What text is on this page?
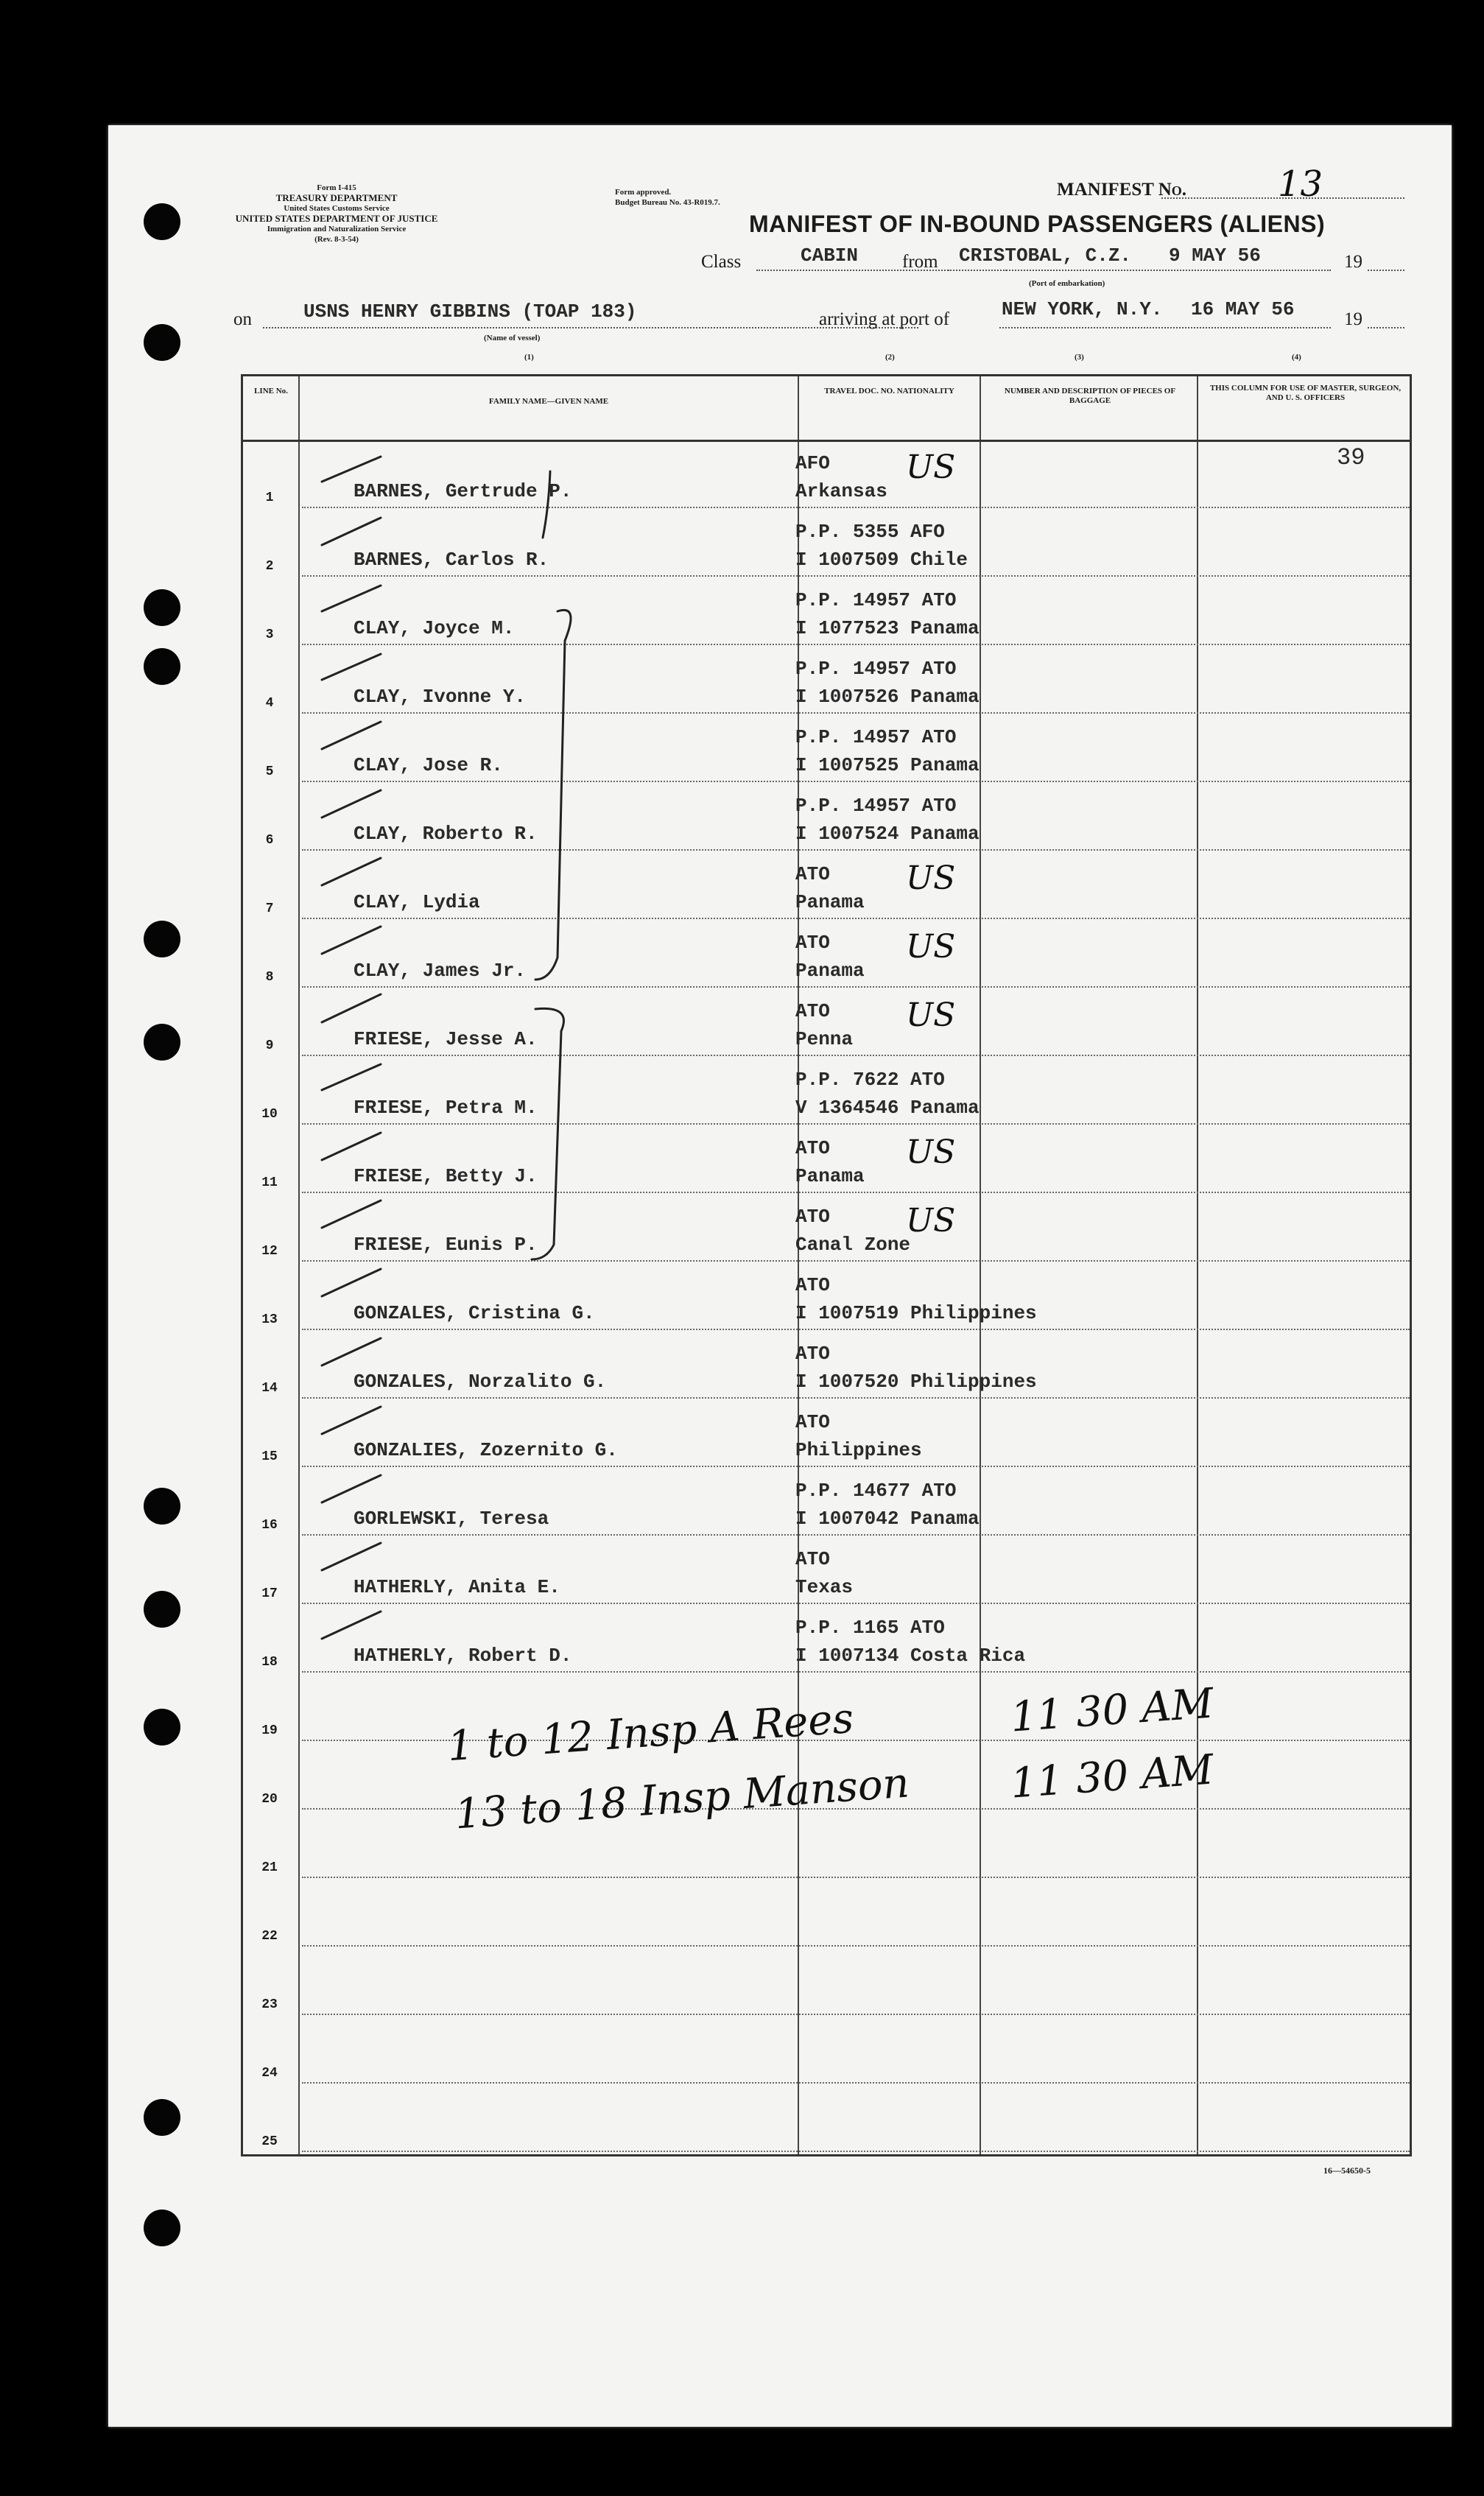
Form I-415
TREASURY DEPARTMENT
United States Customs Service
UNITED STATES DEPARTMENT OF JUSTICE
Immigration and Naturalization Service
(Rev. 8-3-54)
Form approved.
Budget Bureau No. 43-R019.7.
MANIFEST No.	13
MANIFEST OF IN-BOUND PASSENGERS (ALIENS)
Class	CABIN from CRISTOBAL, C.Z. 9 MAY 56	19
(Port of embarkation)
on	USNS HENRY GIBBINS (TOAP 183)
(Name of vessel)
arriving at port of	NEW YORK, N.Y. 16 MAY 56	19
(1)	(2)	(3)	(4)
LINE No.
FAMILY NAME—GIVEN NAME
TRAVEL DOC. NO. NATIONALITY	NUMBER AND DESCRIPTION OF PIECES OF BAGGAGE
THIS COLUMN FOR USE OF MASTER, SURGEON, AND U. S. OFFICERS
1	BARNES, Gertrude P.
AFO
Arkansas
US	39
2	BARNES, Carlos R.
P.P. 5355 AFO
I 1007509 Chile
3	CLAY, Joyce M.
P.P. 14957 ATO
I 1077523 Panama
4	CLAY, Ivonne Y.
P.P. 14957 ATO
I 1007526 Panama
5	CLAY, Jose R.
P.P. 14957 ATO
I 1007525 Panama
6	CLAY, Roberto R.
P.P. 14957 ATO
I 1007524 Panama
7	CLAY, Lydia
ATO
Panama
US
8	CLAY, James Jr.
ATO
Panama
US
9	FRIESE, Jesse A.
ATO
Penna
US
10	FRIESE, Petra M.
P.P. 7622 ATO
V 1364546 Panama
11	FRIESE, Betty J.
ATO
Panama
US
12	FRIESE, Eunis P.
ATO
Canal Zone
US
13	GONZALES, Cristina G.
ATO
I 1007519 Philippines
14	GONZALES, Norzalito G.
ATO
I 1007520 Philippines
15	GONZALIES, Zozernito G.
ATO
Philippines
16	GORLEWSKI, Teresa
P.P. 14677 ATO
I 1007042 Panama
17	HATHERLY, Anita E.
ATO
Texas
18	HATHERLY, Robert D.
P.P. 1165 ATO
I 1007134 Costa Rica
19
20
21
22
23
24
25
1 to 12 Insp A Rees	11 30 AM
13 to 18 Insp Manson 11 30 AM
16—54650-5
